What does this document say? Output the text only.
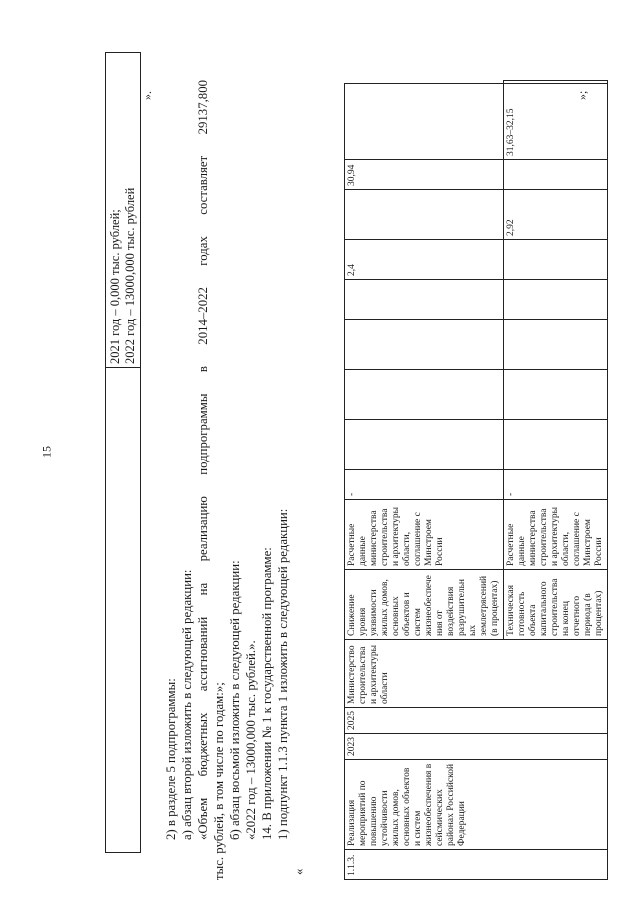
15

2021 год – 0,000 тыс. рублей; 2022 год – 13000,000 тыс. рублей
».
2) в разделе 5 подпрограммы: а) абзац второй изложить в следующей редакции: «Объем бюджетных ассигнований на реализацию подпрограммы в 2014–2022 годах составляет 29137,800 тыс. рублей, в том числе по годам:»; б) абзац восьмой изложить в следующей редакции: «2022 год – 13000,000 тыс. рублей.». 14. В приложении № 1 к государственной программе: 1) подпункт 1.1.3 пункта 1 изложить в следующей редакции:
«	1.1.3.	Реализация мероприятий по повышению устойчивости жилых домов, основных объектов и систем жизнеобеспечения в сейсмических районах Российской Федерации	2023	2025	Министерство строительства и архитектуры области	Снижение уровня уязвимости жилых домов, основных объектов и систем жизнеобеспечения от воздействия разрушительных землетрясений (в процентах)	Расчетные данные министерства строительства и архитектуры области, соглашение с Минстроем России	-					2,4		30,94		
					Техническая готовность объекта капитального строительства на конец отчетного периода (в процентах)	Расчетные данные министерства строительства и архитектуры области, соглашение с Минстроем России	-						2,92		31,63–32,15	
»;
